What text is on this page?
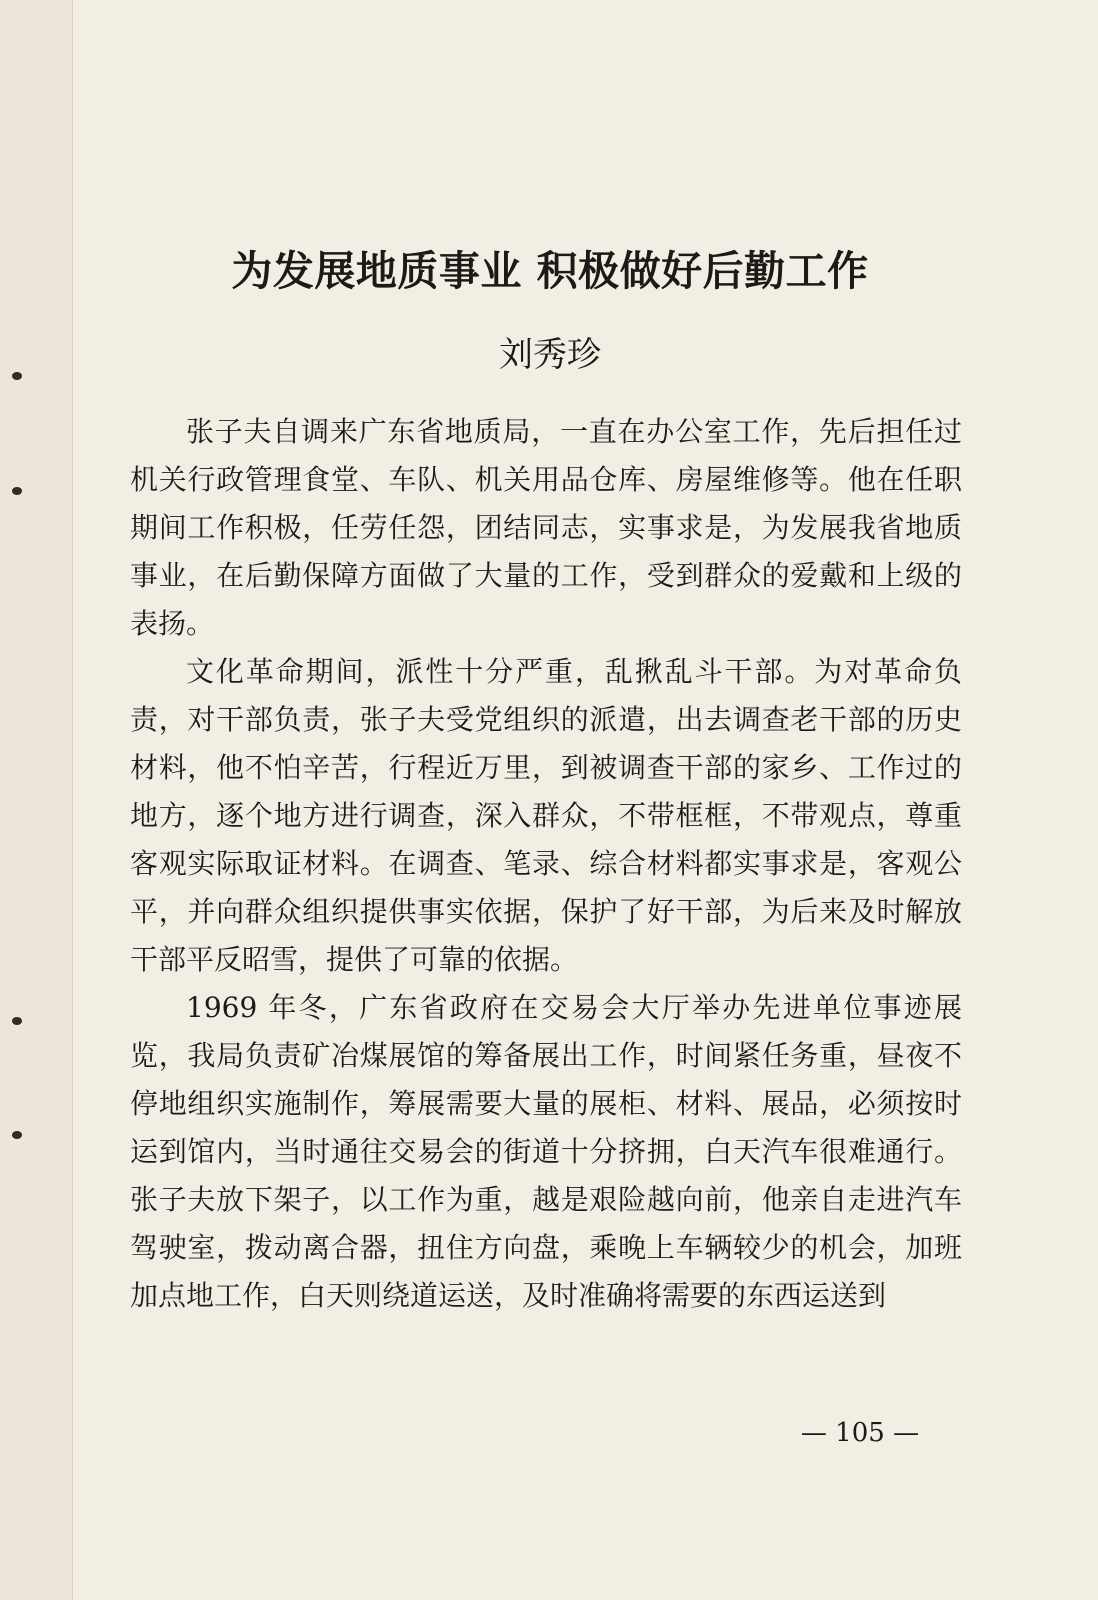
为发展地质事业 积极做好后勤工作
刘秀珍

张子夫自调来广东省地质局，一直在办公室工作，先后担任过机关行政管理食堂、车队、机关用品仓库、房屋维修等。他在任职期间工作积极，任劳任怨，团结同志，实事求是，为发展我省地质事业，在后勤保障方面做了大量的工作，受到群众的爱戴和上级的表扬。

文化革命期间，派性十分严重，乱揪乱斗干部。为对革命负责，对干部负责，张子夫受党组织的派遣，出去调查老干部的历史材料，他不怕辛苦，行程近万里，到被调查干部的家乡、工作过的地方，逐个地方进行调查，深入群众，不带框框，不带观点，尊重客观实际取证材料。在调查、笔录、综合材料都实事求是，客观公平，并向群众组织提供事实依据，保护了好干部，为后来及时解放干部平反昭雪，提供了可靠的依据。

1969 年冬，广东省政府在交易会大厅举办先进单位事迹展览，我局负责矿冶煤展馆的筹备展出工作，时间紧任务重，昼夜不停地组织实施制作，筹展需要大量的展柜、材料、展品，必须按时运到馆内，当时通往交易会的街道十分挤拥，白天汽车很难通行。张子夫放下架子，以工作为重，越是艰险越向前，他亲自走进汽车驾驶室，拨动离合器，扭住方向盘，乘晚上车辆较少的机会，加班加点地工作，白天则绕道运送，及时准确将需要的东西运送到

— 105 —
